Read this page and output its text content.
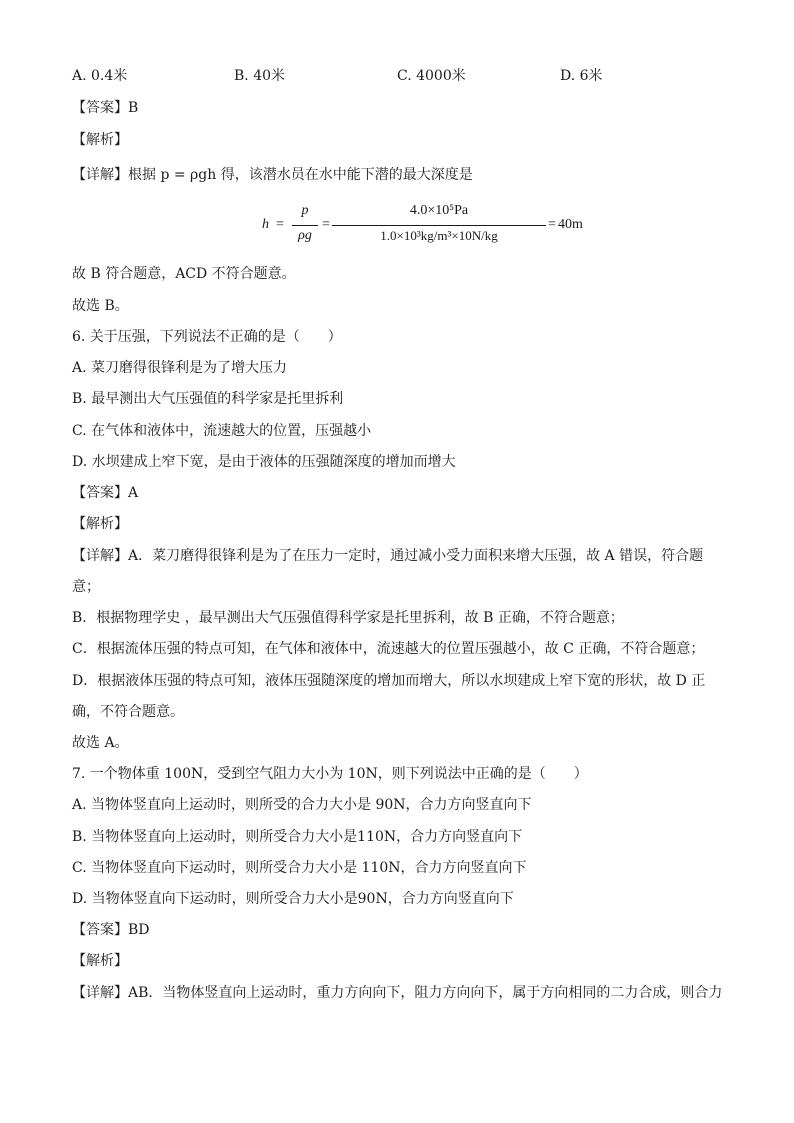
A. 0.4米	B. 40米	C. 4000米	D. 6米
【答案】B
【解析】
【详解】根据 p = ρgh 得，该潜水员在水中能下潜的最大深度是
h =
p
ρg
=
4.0×10⁵Pa
1.0×10³kg/m³×10N/kg
= 40m
故 B 符合题意，ACD 不符合题意。
故选 B。
6. 关于压强，下列说法不正确的是（　　）
A. 菜刀磨得很锋利是为了增大压力
B. 最早测出大气压强值的科学家是托里拆利
C. 在气体和液体中，流速越大的位置，压强越小
D. 水坝建成上窄下宽，是由于液体的压强随深度的增加而增大
【答案】A
【解析】
【详解】A．菜刀磨得很锋利是为了在压力一定时，通过减小受力面积来增大压强，故 A 错误，符合题
意；
B．根据物理学史 ，最早测出大气压强值得科学家是托里拆利，故 B 正确，不符合题意；
C．根据流体压强的特点可知，在气体和液体中，流速越大的位置压强越小，故 C 正确，不符合题意；
D．根据液体压强的特点可知，液体压强随深度的增加而增大，所以水坝建成上窄下宽的形状，故 D 正
确，不符合题意。
故选 A。
7. 一个物体重 100N，受到空气阻力大小为 10N，则下列说法中正确的是（　　）
A. 当物体竖直向上运动时，则所受的合力大小是 90N，合力方向竖直向下
B. 当物体竖直向上运动时，则所受合力大小是110N，合力方向竖直向下
C. 当物体竖直向下运动时，则所受合力大小是 110N，合力方向竖直向下
D. 当物体竖直向下运动时，则所受合力大小是90N，合力方向竖直向下
【答案】BD
【解析】
【详解】AB．当物体竖直向上运动时，重力方向向下，阻力方向向下，属于方向相同的二力合成，则合力
